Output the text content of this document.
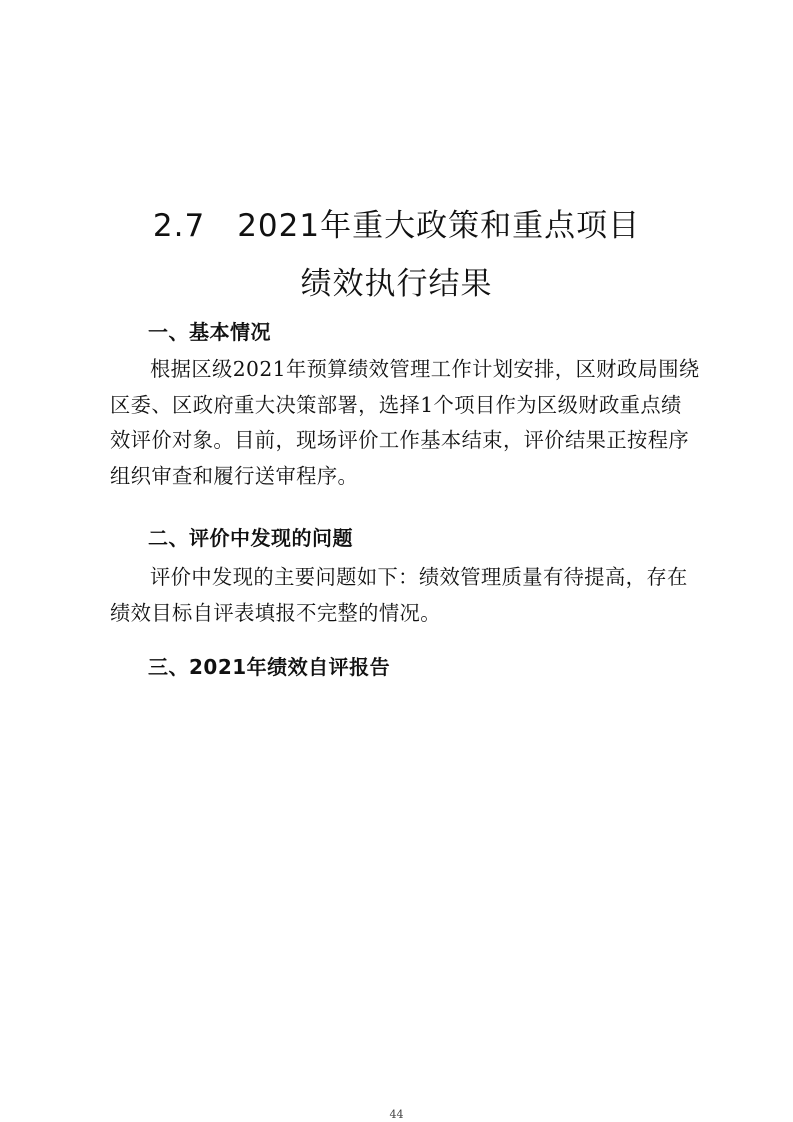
2.7　2021年重大政策和重点项目
绩效执行结果
一、基本情况

根据区级2021年预算绩效管理工作计划安排，区财政局围绕
区委、区政府重大决策部署，选择1个项目作为区级财政重点绩
效评价对象。目前，现场评价工作基本结束，评价结果正按程序
组织审查和履行送审程序。

二、评价中发现的问题

评价中发现的主要问题如下：绩效管理质量有待提高，存在
绩效目标自评表填报不完整的情况。

三、2021年绩效自评报告
44
